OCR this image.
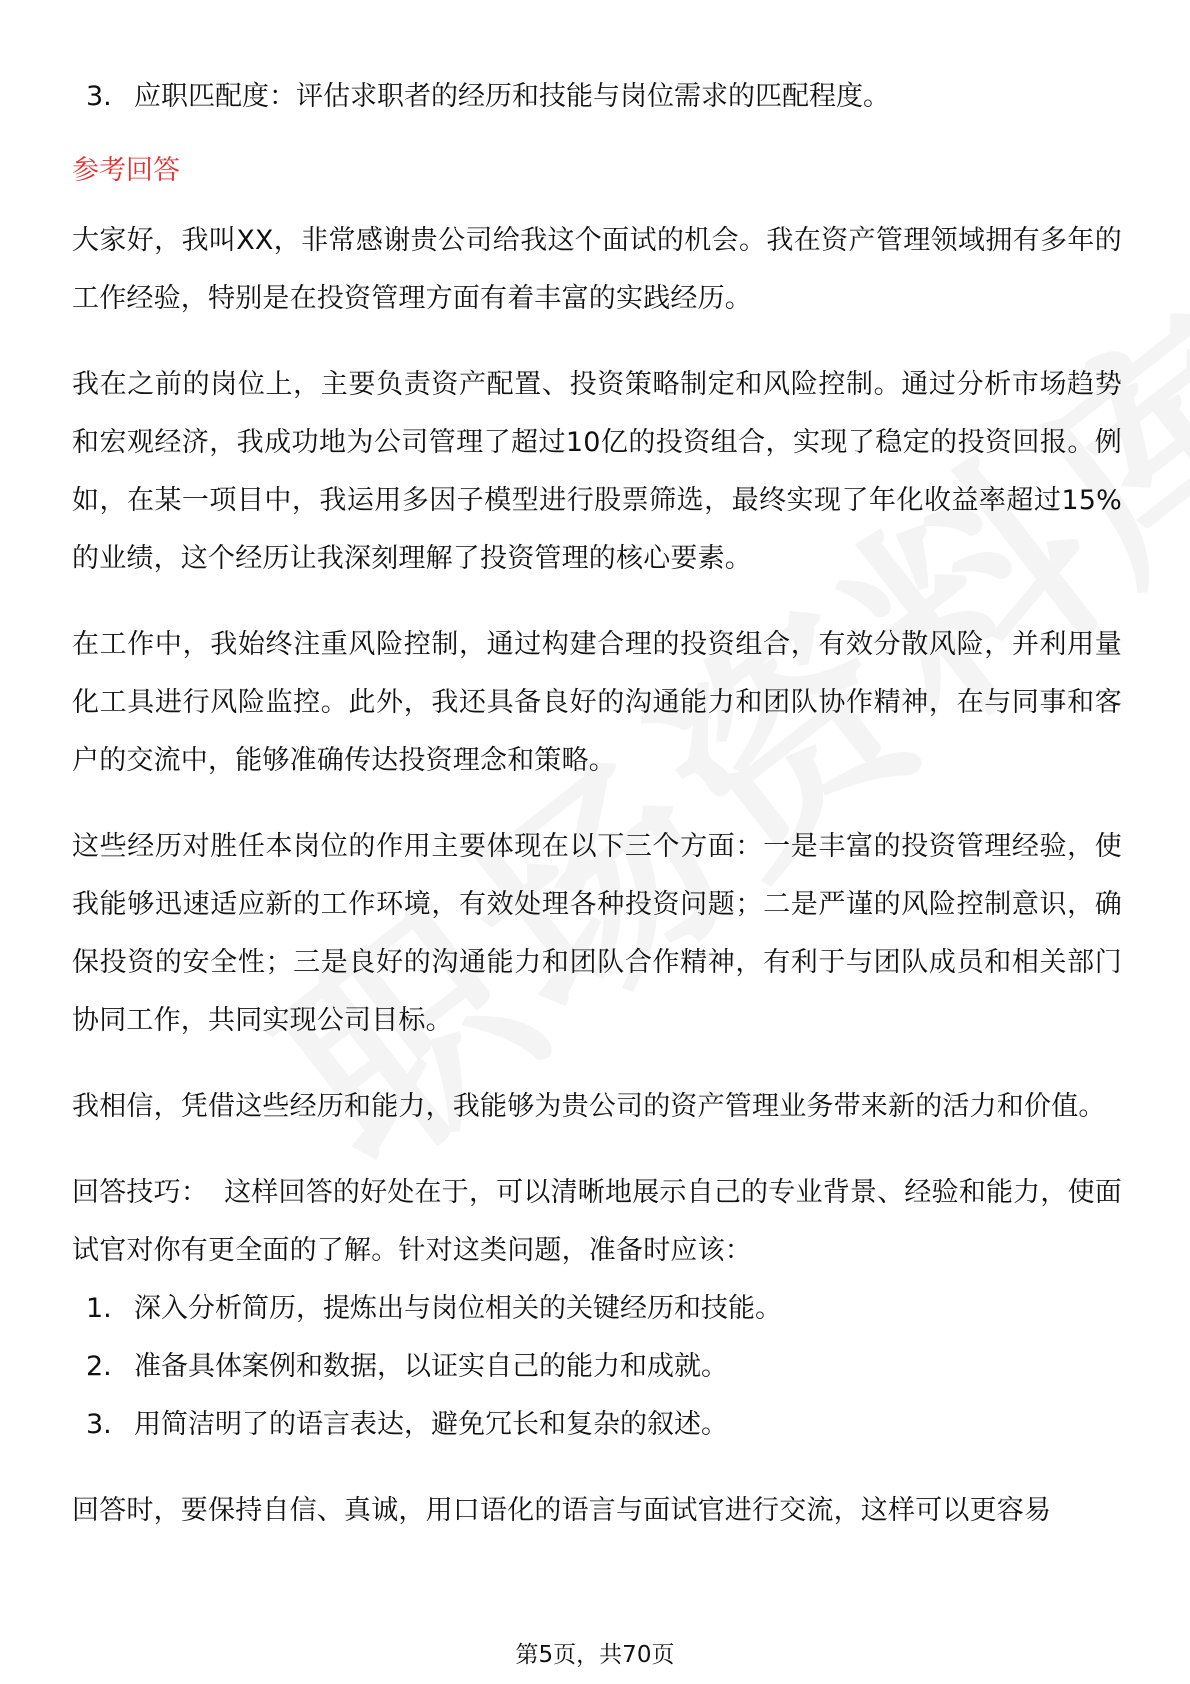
3. 应职匹配度：评估求职者的经历和技能与岗位需求的匹配程度。
参考回答

大家好，我叫XX，非常感谢贵公司给我这个面试的机会。我在资产管理领域拥有多年的工作经验，特别是在投资管理方面有着丰富的实践经历。

我在之前的岗位上，主要负责资产配置、投资策略制定和风险控制。通过分析市场趋势和宏观经济，我成功地为公司管理了超过10亿的投资组合，实现了稳定的投资回报。例如，在某一项目中，我运用多因子模型进行股票筛选，最终实现了年化收益率超过15%的业绩，这个经历让我深刻理解了投资管理的核心要素。

在工作中，我始终注重风险控制，通过构建合理的投资组合，有效分散风险，并利用量化工具进行风险监控。此外，我还具备良好的沟通能力和团队协作精神，在与同事和客户的交流中，能够准确传达投资理念和策略。

这些经历对胜任本岗位的作用主要体现在以下三个方面：一是丰富的投资管理经验，使我能够迅速适应新的工作环境，有效处理各种投资问题；二是严谨的风险控制意识，确保投资的安全性；三是良好的沟通能力和团队合作精神，有利于与团队成员和相关部门协同工作，共同实现公司目标。

我相信，凭借这些经历和能力，我能够为贵公司的资产管理业务带来新的活力和价值。

回答技巧： 这样回答的好处在于，可以清晰地展示自己的专业背景、经验和能力，使面试官对你有更全面的了解。针对这类问题，准备时应该：

1. 深入分析简历，提炼出与岗位相关的关键经历和技能。
2. 准备具体案例和数据，以证实自己的能力和成就。
3. 用简洁明了的语言表达，避免冗长和复杂的叙述。

回答时，要保持自信、真诚，用口语化的语言与面试官进行交流，这样可以更容易

第5页，共70页
